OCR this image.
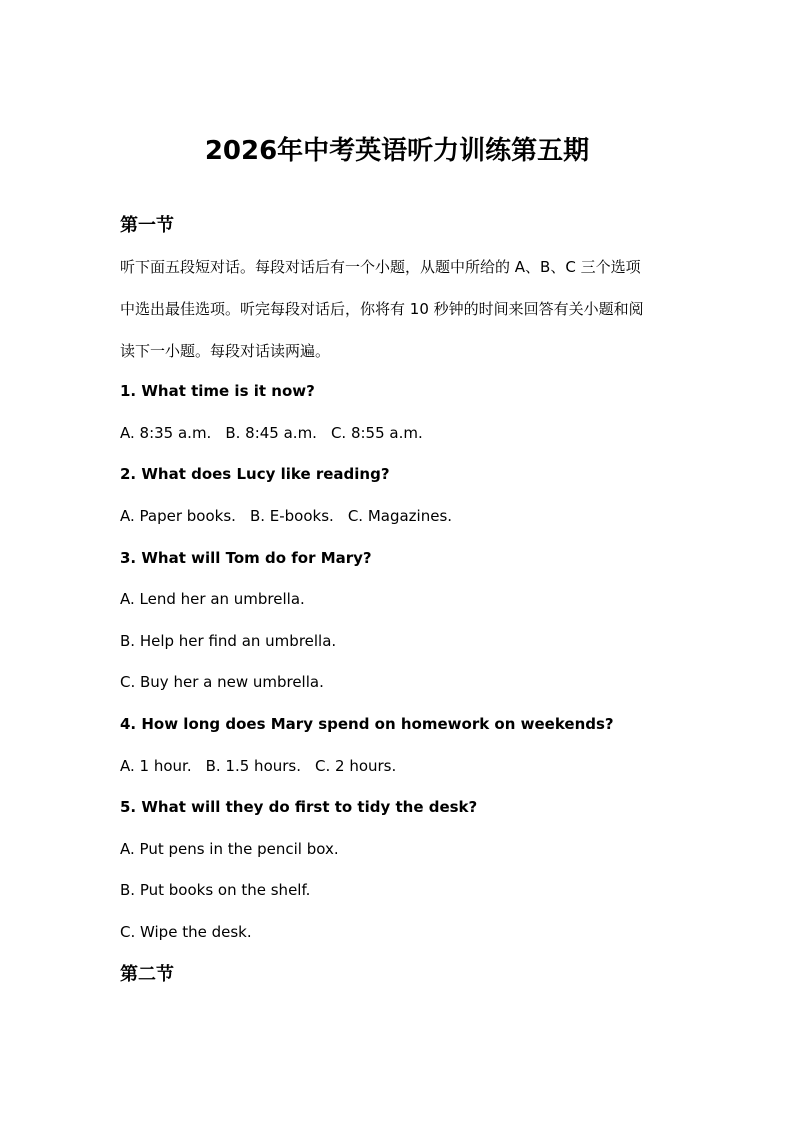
2026年中考英语听力训练第五期
第一节
听下面五段短对话。每段对话后有一个小题，从题中所给的 A、B、C 三个选项
中选出最佳选项。听完每段对话后，你将有 10 秒钟的时间来回答有关小题和阅
读下一小题。每段对话读两遍。
1. What time is it now?
A. 8:35 a.m. B. 8:45 a.m. C. 8:55 a.m.
2. What does Lucy like reading?
A. Paper books. B. E-books. C. Magazines.
3. What will Tom do for Mary?
A. Lend her an umbrella.
B. Help her find an umbrella.
C. Buy her a new umbrella.
4. How long does Mary spend on homework on weekends?
A. 1 hour. B. 1.5 hours. C. 2 hours.
5. What will they do first to tidy the desk?
A. Put pens in the pencil box.
B. Put books on the shelf.
C. Wipe the desk.
第二节
